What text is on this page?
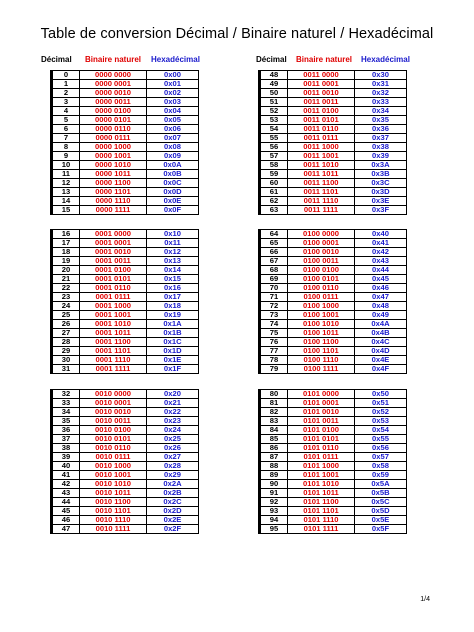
Table de conversion Décimal / Binaire naturel / Hexadécimal
Décimal Binaire naturel Hexadécimal	Décimal Binaire naturel Hexadécimal
0	0000 0000	0x00
1	0000 0001	0x01
2	0000 0010	0x02
3	0000 0011	0x03
4	0000 0100	0x04
5	0000 0101	0x05
6	0000 0110	0x06
7	0000 0111	0x07
8	0000 1000	0x08
9	0000 1001	0x09
10	0000 1010	0x0A
11	0000 1011	0x0B
12	0000 1100	0x0C
13	0000 1101	0x0D
14	0000 1110	0x0E
15	0000 1111	0x0F
48	0011 0000	0x30
49	0011 0001	0x31
50	0011 0010	0x32
51	0011 0011	0x33
52	0011 0100	0x34
53	0011 0101	0x35
54	0011 0110	0x36
55	0011 0111	0x37
56	0011 1000	0x38
57	0011 1001	0x39
58	0011 1010	0x3A
59	0011 1011	0x3B
60	0011 1100	0x3C
61	0011 1101	0x3D
62	0011 1110	0x3E
63	0011 1111	0x3F
16	0001 0000	0x10
17	0001 0001	0x11
18	0001 0010	0x12
19	0001 0011	0x13
20	0001 0100	0x14
21	0001 0101	0x15
22	0001 0110	0x16
23	0001 0111	0x17
24	0001 1000	0x18
25	0001 1001	0x19
26	0001 1010	0x1A
27	0001 1011	0x1B
28	0001 1100	0x1C
29	0001 1101	0x1D
30	0001 1110	0x1E
31	0001 1111	0x1F
64	0100 0000	0x40
65	0100 0001	0x41
66	0100 0010	0x42
67	0100 0011	0x43
68	0100 0100	0x44
69	0100 0101	0x45
70	0100 0110	0x46
71	0100 0111	0x47
72	0100 1000	0x48
73	0100 1001	0x49
74	0100 1010	0x4A
75	0100 1011	0x4B
76	0100 1100	0x4C
77	0100 1101	0x4D
78	0100 1110	0x4E
79	0100 1111	0x4F
32	0010 0000	0x20
33	0010 0001	0x21
34	0010 0010	0x22
35	0010 0011	0x23
36	0010 0100	0x24
37	0010 0101	0x25
38	0010 0110	0x26
39	0010 0111	0x27
40	0010 1000	0x28
41	0010 1001	0x29
42	0010 1010	0x2A
43	0010 1011	0x2B
44	0010 1100	0x2C
45	0010 1101	0x2D
46	0010 1110	0x2E
47	0010 1111	0x2F
80	0101 0000	0x50
81	0101 0001	0x51
82	0101 0010	0x52
83	0101 0011	0x53
84	0101 0100	0x54
85	0101 0101	0x55
86	0101 0110	0x56
87	0101 0111	0x57
88	0101 1000	0x58
89	0101 1001	0x59
90	0101 1010	0x5A
91	0101 1011	0x5B
92	0101 1100	0x5C
93	0101 1101	0x5D
94	0101 1110	0x5E
95	0101 1111	0x5F
1/4
